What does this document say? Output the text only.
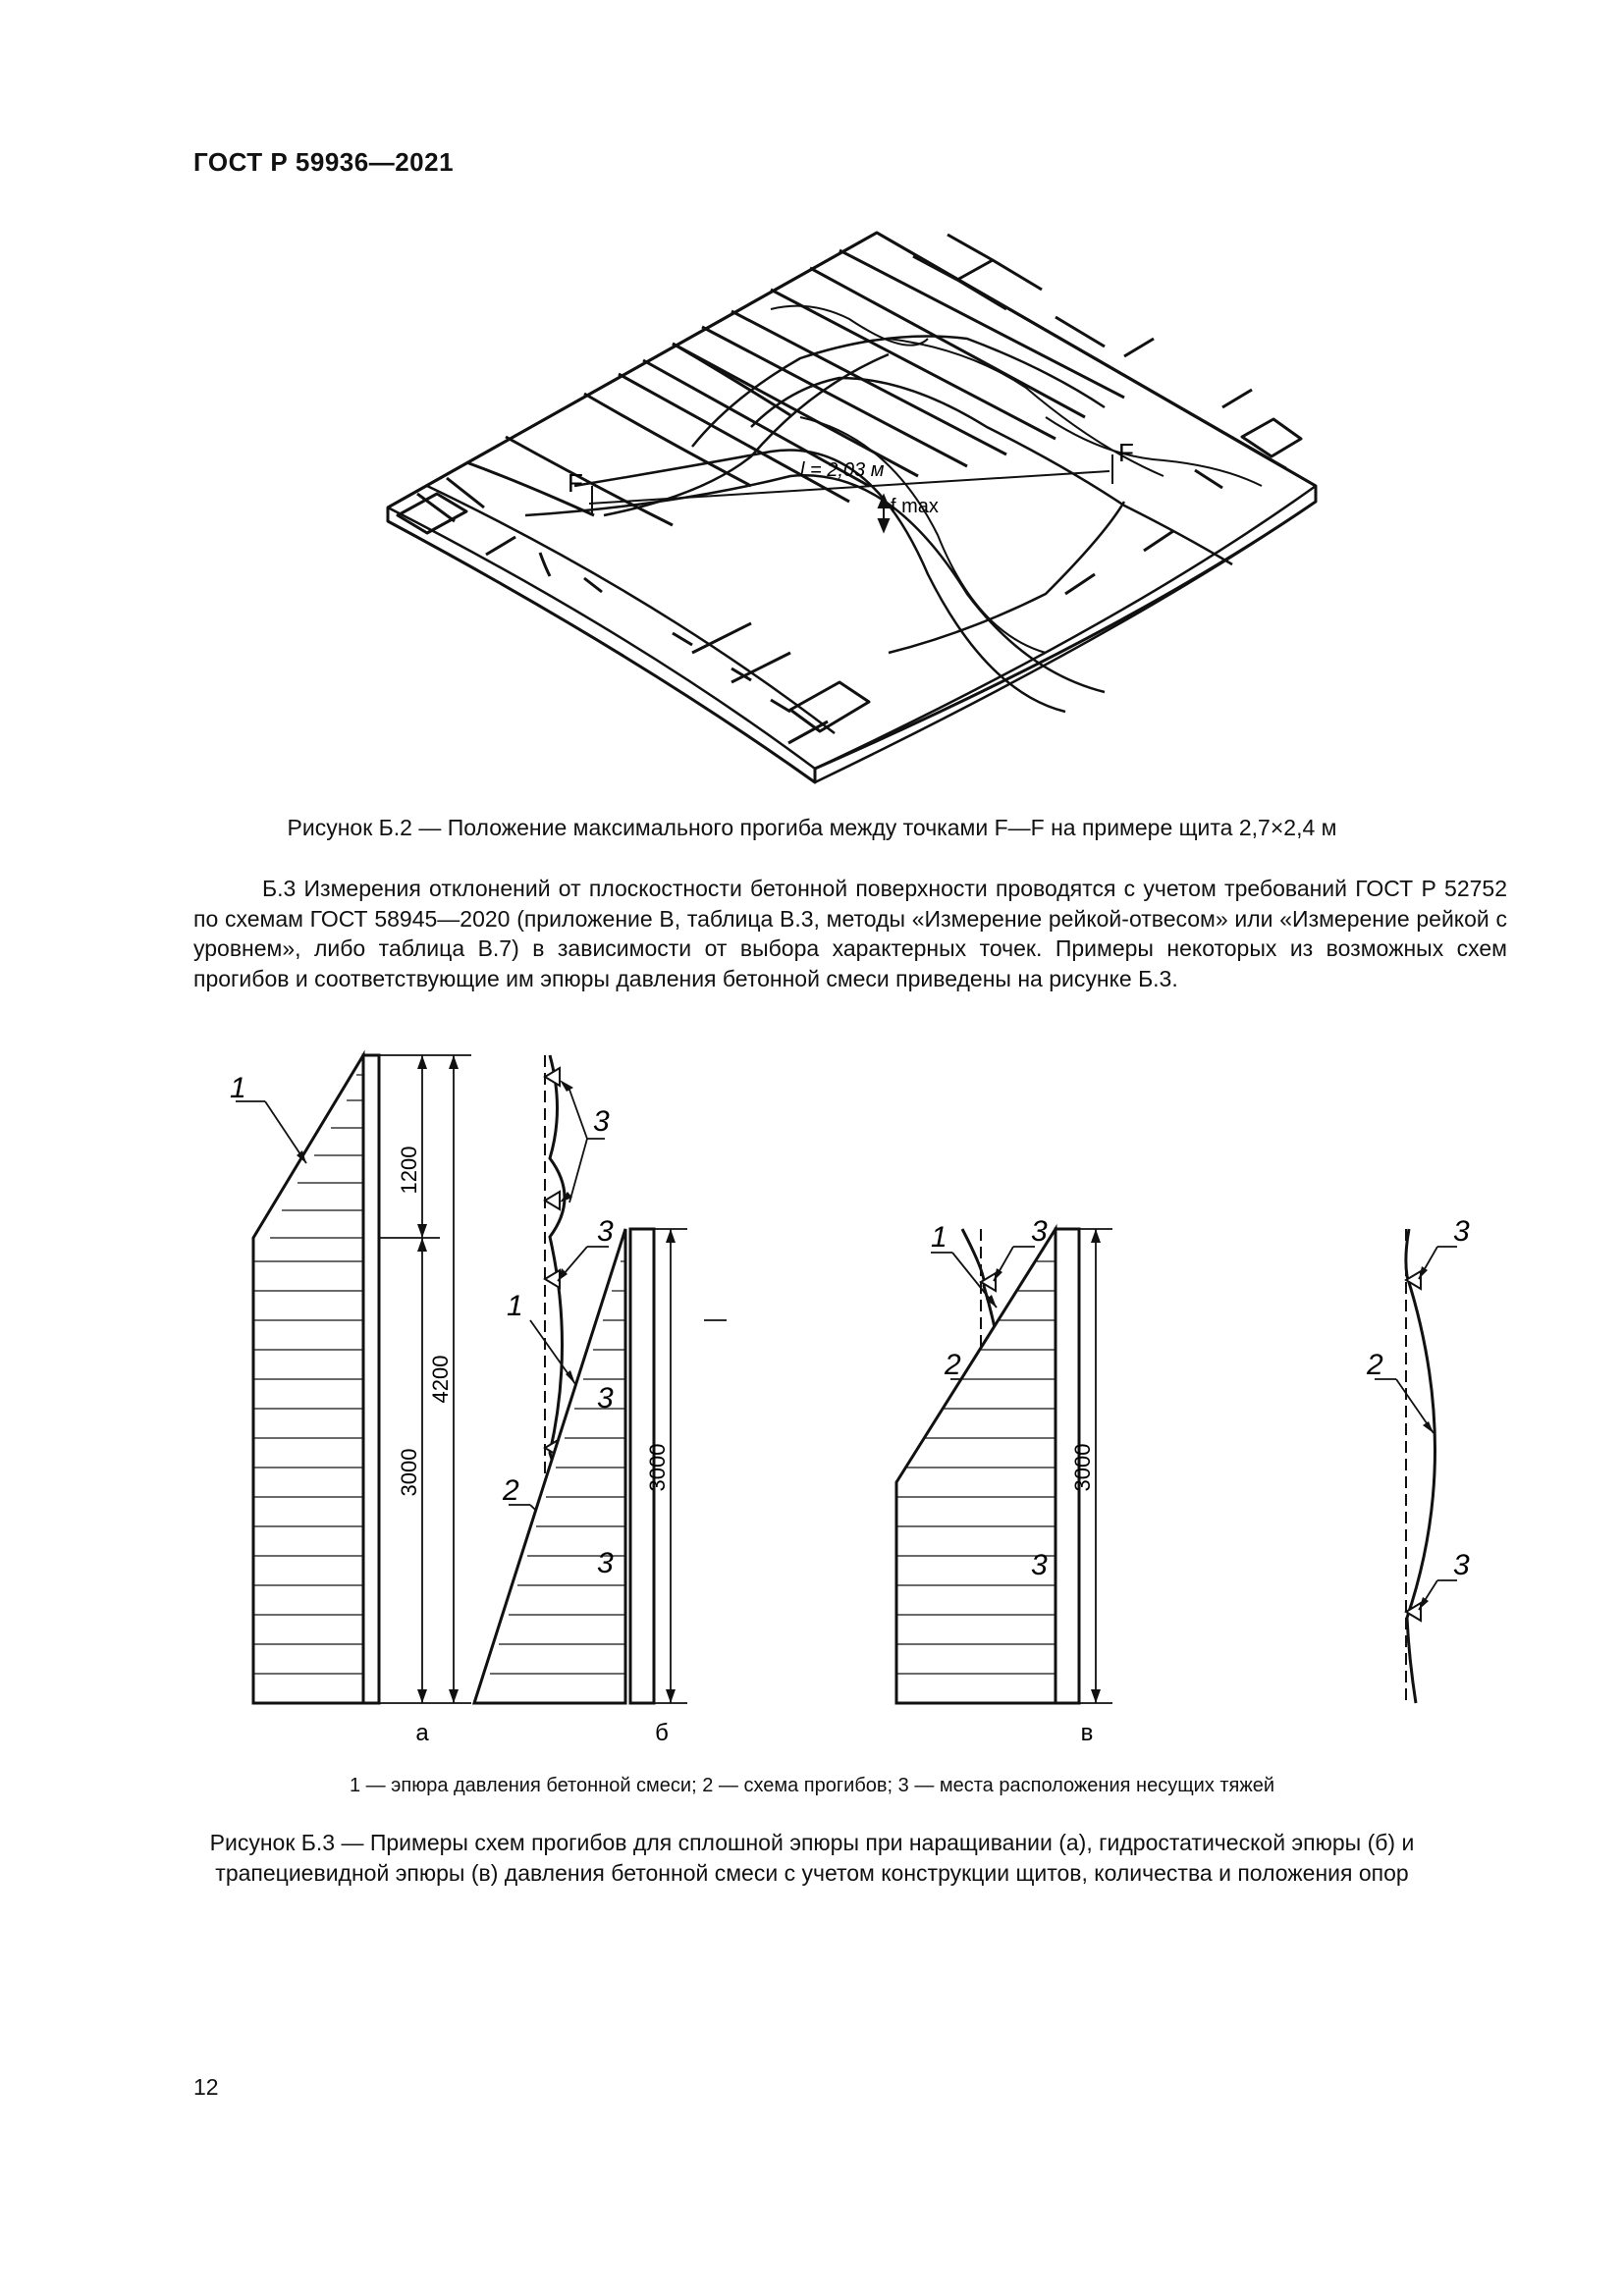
ГОСТ Р 59936—2021
F
F
l = 2,03 м
f max
Рисунок Б.2 — Положение максимального прогиба между точками F—F на примере щита 2,7×2,4 м
Б.3 Измерения отклонений от плоскостности бетонной поверхности проводятся с учетом требований ГОСТ Р 52752 по схемам ГОСТ 58945—2020 (приложение В, таблица В.3, методы «Измерение рейкой-отвесом» или «Измерение рейкой с уровнем», либо таблица В.7) в зависимости от выбора характерных точек. Примеры некоторых из возможных схем прогибов и соответствующие им эпюры давления бетонной смеси приведены на рисунке Б.3.
1200
4200
3000	3000	3000
1
3
3
3
3
2
1
3
3
2
1	3
3
2
а	б	в
1 — эпюра давления бетонной смеси; 2 — схема прогибов; 3 — места расположения несущих тяжей
Рисунок Б.3 — Примеры схем прогибов для сплошной эпюры при наращивании (а), гидростатической эпюры (б) и
трапециевидной эпюры (в) давления бетонной смеси с учетом конструкции щитов, количества и положения опор
12
